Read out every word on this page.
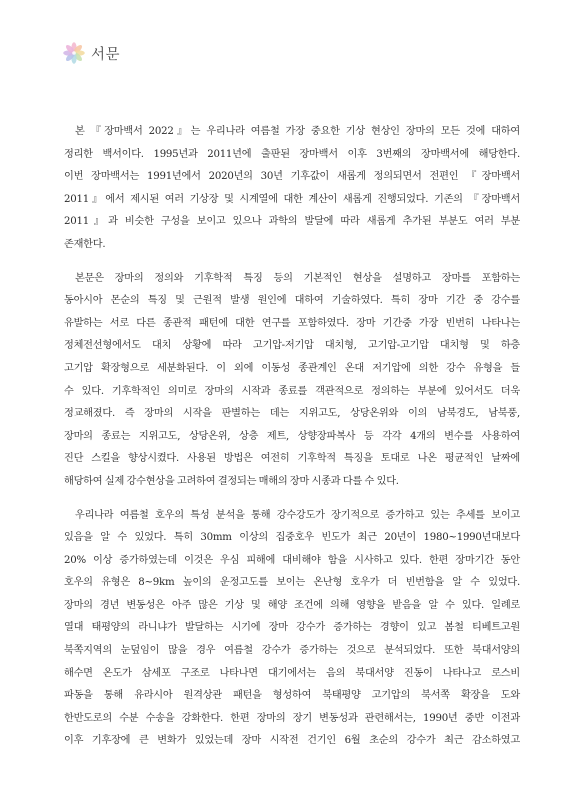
서문

본 『장마백서 2022』는 우리나라 여름철 가장 중요한 기상 현상인 장마의 모든 것에 대하여
정리한 백서이다. 1995년과 2011년에 출판된 장마백서 이후 3번째의 장마백서에 해당한다.
이번 장마백서는 1991년에서 2020년의 30년 기후값이 새롭게 정의되면서 전편인 『장마백서
2011』에서 제시된 여러 기상장 및 시계열에 대한 계산이 새롭게 진행되었다. 기존의 『장마백서
2011』과 비슷한 구성을 보이고 있으나 과학의 발달에 따라 새롭게 추가된 부분도 여러 부분
존재한다.

본문은 장마의 정의와 기후학적 특징 등의 기본적인 현상을 설명하고 장마를 포함하는
동아시아 몬순의 특징 및 근원적 발생 원인에 대하여 기술하였다. 특히 장마 기간 중 강수를
유발하는 서로 다른 종관적 패턴에 대한 연구를 포함하였다. 장마 기간중 가장 빈번히 나타나는
정체전선형에서도 대치 상황에 따라 고기압-저기압 대치형, 고기압-고기압 대치형 및 하층
고기압 확장형으로 세분화된다. 이 외에 이동성 종관계인 온대 저기압에 의한 강수 유형을 들
수 있다. 기후학적인 의미로 장마의 시작과 종료를 객관적으로 정의하는 부분에 있어서도 더욱
정교해졌다. 즉 장마의 시작을 판별하는 데는 지위고도, 상당온위와 이의 남북경도, 남북풍,
장마의 종료는 지위고도, 상당온위, 상층 제트, 상향장파복사 등 각각 4개의 변수를 사용하여
진단 스킬을 향상시켰다. 사용된 방법은 여전히 기후학적 특징을 토대로 나온 평균적인 날짜에
해당하여 실제 강수현상을 고려하여 결정되는 매해의 장마 시종과 다를 수 있다.

우리나라 여름철 호우의 특성 분석을 통해 강수강도가 장기적으로 증가하고 있는 추세를 보이고
있음을 알 수 있었다. 특히 30mm 이상의 집중호우 빈도가 최근 20년이 1980~1990년대보다
20% 이상 증가하였는데 이것은 우심 피해에 대비해야 함을 시사하고 있다. 한편 장마기간 동안
호우의 유형은 8~9km 높이의 운정고도를 보이는 온난형 호우가 더 빈번함을 알 수 있었다.
장마의 경년 변동성은 아주 많은 기상 및 해양 조건에 의해 영향을 받음을 알 수 있다. 일례로
열대 태평양의 라니냐가 발달하는 시기에 장마 강수가 증가하는 경향이 있고 봄철 티베트고원
북쪽지역의 눈덮임이 많을 경우 여름철 강수가 증가하는 것으로 분석되었다. 또한 북대서양의
해수면 온도가 삼세포 구조로 나타나면 대기에서는 음의 북대서양 진동이 나타나고 로스비
파동을 통해 유라시아 원격상관 패턴을 형성하여 북태평양 고기압의 북서쪽 확장을 도와
한반도로의 수분 수송을 강화한다. 한편 장마의 장기 변동성과 관련해서는, 1990년 중반 이전과
이후 기후장에 큰 변화가 있었는데 장마 시작전 건기인 6월 초순의 강수가 최근 감소하였고
